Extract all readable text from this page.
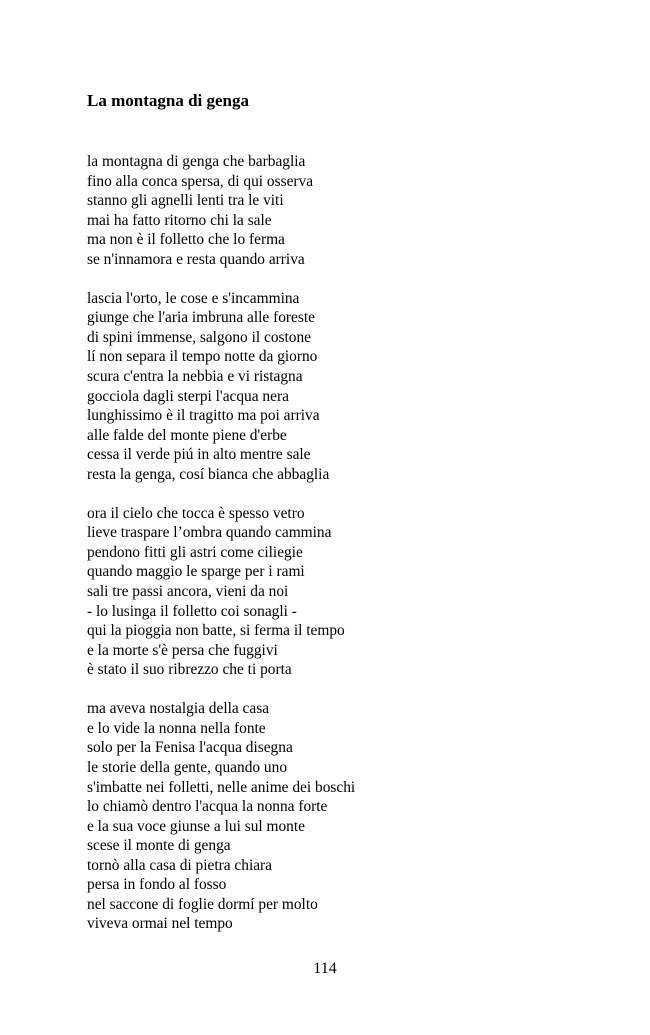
La montagna di genga
la montagna di genga che barbaglia
fino alla conca spersa, di qui osserva
stanno gli agnelli lenti tra le viti
mai ha fatto ritorno chi la sale
ma non è il folletto che lo ferma
se n'innamora e resta quando arriva
lascia l'orto, le cose e s'incammina
giunge che l'aria imbruna alle foreste
di spini immense, salgono il costone
lí non separa il tempo notte da giorno
scura c'entra la nebbia e vi ristagna
gocciola dagli sterpi l'acqua nera
lunghissimo è il tragitto ma poi arriva
alle falde del monte piene d'erbe
cessa il verde piú in alto mentre sale
resta la genga, cosí bianca che abbaglia
ora il cielo che tocca è spesso vetro
lieve traspare l’ombra quando cammina
pendono fitti gli astri come ciliegie
quando maggio le sparge per i rami
sali tre passi ancora, vieni da noi
- lo lusinga il folletto coi sonagli -
qui la pioggia non batte, si ferma il tempo
e la morte s'è persa che fuggivi
è stato il suo ribrezzo che ti porta
ma aveva nostalgia della casa
e lo vide la nonna nella fonte
solo per la Fenisa l'acqua disegna
le storie della gente, quando uno
s'imbatte nei folletti, nelle anime dei boschi
lo chiamò dentro l'acqua la nonna forte
e la sua voce giunse a lui sul monte
scese il monte di genga
tornò alla casa di pietra chiara
persa in fondo al fosso
nel saccone di foglie dormí per molto
viveva ormai nel tempo

114
